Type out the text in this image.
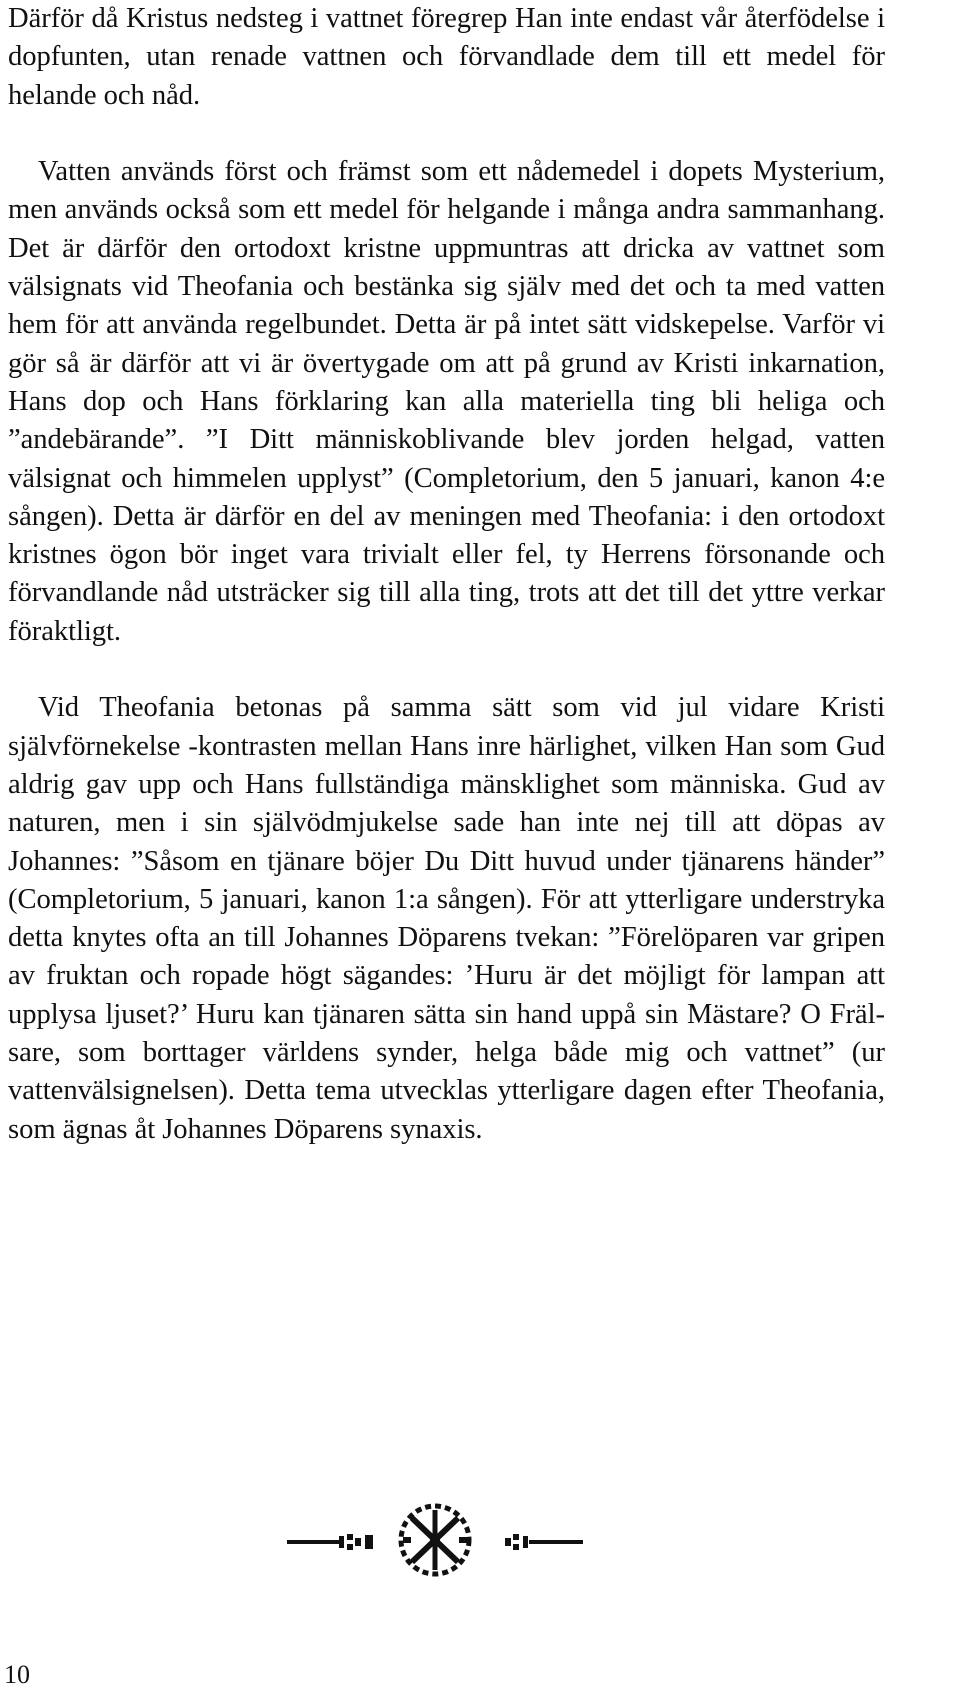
Därför då Kristus nedsteg i vattnet föregrep Han inte endast vår återfödelse i dopfunten, utan renade vattnen och förvandlade dem till ett medel för helande och nåd.

Vatten används först och främst som ett nådemedel i dopets Mysterium, men används också som ett medel för helgande i många andra sammanhang. Det är därför den ortodoxt kristne uppmuntras att dricka av vattnet som välsignats vid Theofania och bestänka sig själv med det och ta med vatten hem för att använda regelbundet. Detta är på intet sätt vidskepelse. Varför vi gör så är därför att vi är övertygade om att på grund av Kristi inkarnation, Hans dop och Hans förklaring kan alla materiella ting bli heliga och ”andebärande”. ”I Ditt människoblivande blev jorden helgad, vatten välsignat och himmelen upplyst” (Completorium, den 5 januari, kanon 4:e sången). Detta är därför en del av meningen med Theofania: i den ortodoxt kristnes ögon bör inget vara trivialt eller fel, ty Herrens försonande och förvandlande nåd utsträcker sig till alla ting, trots att det till det yttre verkar föraktligt.

Vid Theofania betonas på samma sätt som vid jul vidare Kristi självförnekelse -kontrasten mellan Hans inre härlighet, vilken Han som Gud aldrig gav upp och Hans fullständiga mänsklighet som människa. Gud av naturen, men i sin självödmjukelse sade han inte nej till att döpas av Johannes: ”Såsom en tjänare böjer Du Ditt huvud under tjänarens händer” (Completorium, 5 januari, kanon 1:a sången). För att ytterligare understryka detta knytes ofta an till Johannes Döparens tvekan: ”Förelöparen var gripen av fruktan och ropade högt sägandes: ’Huru är det möjligt för lampan att upplysa ljuset?’ Huru kan tjänaren sätta sin hand uppå sin Mästare? O Frälsare, som borttager världens synder, helga både mig och vattnet” (ur vattenvälsignelsen). Detta tema utvecklas ytterligare dagen efter Theofania, som ägnas åt Johannes Döparens synaxis.

10
